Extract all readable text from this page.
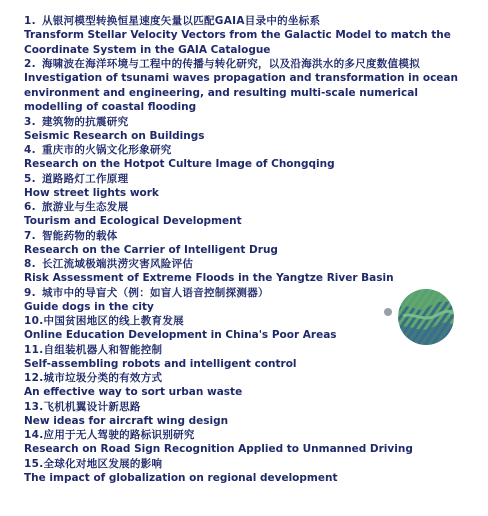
1. 从银河模型转换恒星速度矢量以匹配GAIA目录中的坐标系
Transform Stellar Velocity Vectors from the Galactic Model to match the Coordinate System in the GAIA Catalogue
2. 海啸波在海洋环境与工程中的传播与转化研究，以及沿海洪水的多尺度数值模拟
Investigation of tsunami waves propagation and transformation in ocean environment and engineering, and resulting multi-scale numerical modelling of coastal flooding
3. 建筑物的抗震研究
Seismic Research on Buildings
4. 重庆市的火锅文化形象研究
Research on the Hotpot Culture Image of Chongqing
5. 道路路灯工作原理
How street lights work
6. 旅游业与生态发展
Tourism and Ecological Development
7. 智能药物的载体
Research on the Carrier of Intelligent Drug
8. 长江流域极端洪涝灾害风险评估
Risk Assessment of Extreme Floods in the Yangtze River Basin
9. 城市中的导盲犬（例：如盲人语音控制探测器）
Guide dogs in the city
10.中国贫困地区的线上教育发展
Online Education Development in China's Poor Areas
11.自组装机器人和智能控制
Self-assembling robots and intelligent control
12.城市垃圾分类的有效方式
An effective way to sort urban waste
13.飞机机翼设计新思路
New ideas for aircraft wing design
14.应用于无人驾驶的路标识别研究
Research on Road Sign Recognition Applied to Unmanned Driving
15.全球化对地区发展的影响
The impact of globalization on regional development
